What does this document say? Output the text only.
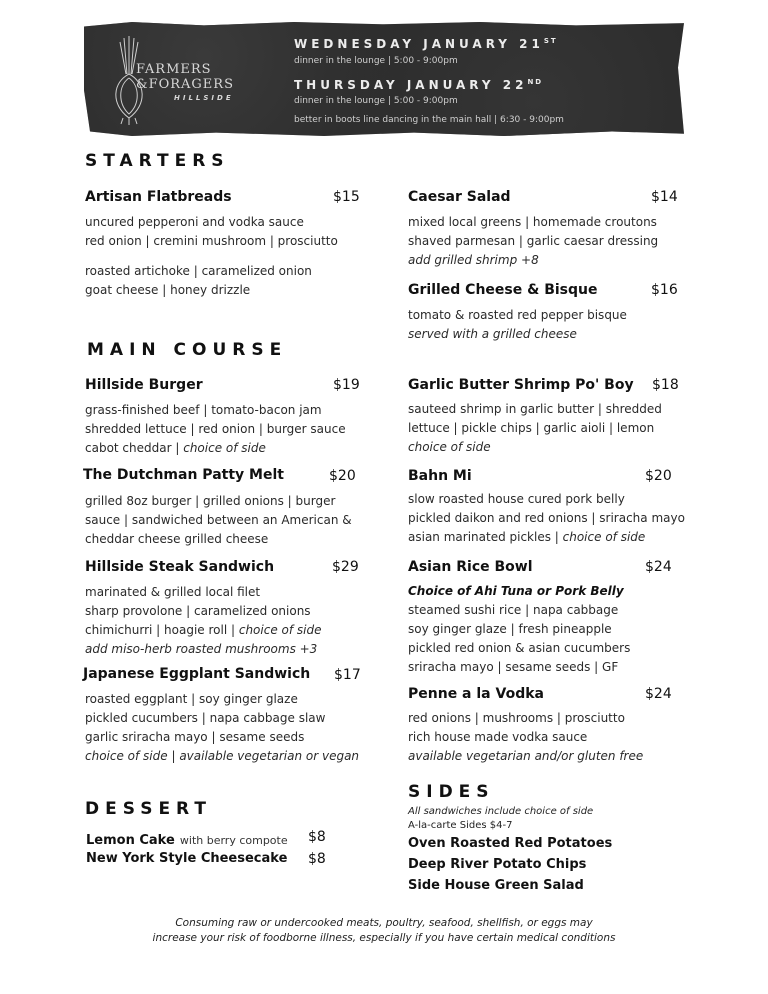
FARMERS
&FORAGERS
HILLSIDE
WEDNESDAY JANUARY 21ST
dinner in the lounge | 5:00 - 9:00pm
THURSDAY JANUARY 22ND
dinner in the lounge | 5:00 - 9:00pm
better in boots line dancing in the main hall | 6:30 - 9:00pm
STARTERS
Artisan Flatbreads	$15
uncured pepperoni and vodka sauce
red onion | cremini mushroom | prosciutto
roasted artichoke | caramelized onion
goat cheese | honey drizzle
Caesar Salad	$14
mixed local greens | homemade croutons
shaved parmesan | garlic caesar dressing
add grilled shrimp +8
Grilled Cheese & Bisque	$16
tomato & roasted red pepper bisque
served with a grilled cheese
MAIN COURSE
Hillside Burger	$19
grass-finished beef | tomato-bacon jam
shredded lettuce | red onion | burger sauce
cabot cheddar | choice of side
The Dutchman Patty Melt	$20
grilled 8oz burger | grilled onions | burger
sauce | sandwiched between an American &
cheddar cheese grilled cheese
Hillside Steak Sandwich	$29
marinated & grilled local filet
sharp provolone | caramelized onions
chimichurri | hoagie roll | choice of side
add miso-herb roasted mushrooms +3
Japanese Eggplant Sandwich $17
roasted eggplant | soy ginger glaze
pickled cucumbers | napa cabbage slaw
garlic sriracha mayo | sesame seeds
choice of side | available vegetarian or vegan
Garlic Butter Shrimp Po' Boy $18
sauteed shrimp in garlic butter | shredded
lettuce | pickle chips | garlic aioli | lemon
choice of side
Bahn Mi	$20
slow roasted house cured pork belly
pickled daikon and red onions | sriracha mayo
asian marinated pickles | choice of side
Asian Rice Bowl	$24
Choice of Ahi Tuna or Pork Belly
steamed sushi rice | napa cabbage
soy ginger glaze | fresh pineapple
pickled red onion & asian cucumbers
sriracha mayo | sesame seeds | GF
Penne a la Vodka	$24
red onions | mushrooms | prosciutto
rich house made vodka sauce
available vegetarian and/or gluten free
DESSERT
Lemon Cake with berry compote $8
New York Style Cheesecake $8
SIDES
All sandwiches include choice of side
A-la-carte Sides $4-7
Oven Roasted Red Potatoes
Deep River Potato Chips
Side House Green Salad
Consuming raw or undercooked meats, poultry, seafood, shellfish, or eggs may
increase your risk of foodborne illness, especially if you have certain medical conditions
